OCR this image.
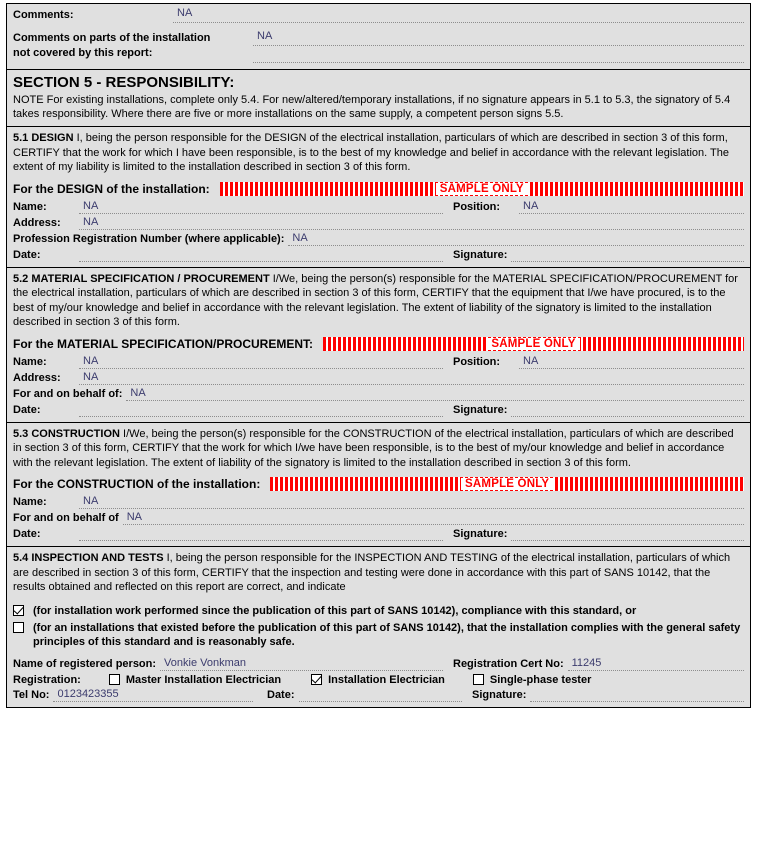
Comments:	NA
Comments on parts of the installation
not covered by this report:
NA
SECTION 5 - RESPONSIBILITY:
NOTE For existing installations, complete only 5.4. For new/altered/temporary installations, if no signature appears in 5.1 to 5.3, the signatory of 5.4 takes responsibility. Where there are five or more installations on the same supply, a competent person signs 5.5.
5.1 DESIGN I, being the person responsible for the DESIGN of the electrical installation, particulars of which are described in section 3 of this form, CERTIFY that the work for which I have been responsible, is to the best of my knowledge and belief in accordance with the relevant legislation. The extent of my liability is limited to the installation described in section 3 of this form.
For the DESIGN of the installation:	SAMPLE ONLY
Name:	NA	Position:	NA
Address:	NA
Profession Registration Number (where applicable): NA
Date:	Signature:
5.2 MATERIAL SPECIFICATION / PROCUREMENT I/We, being the person(s) responsible for the MATERIAL SPECIFICATION/PROCUREMENT for the electrical installation, particulars of which are described in section 3 of this form, CERTIFY that the equipment that I/we have procured, is to the best of my/our knowledge and belief in accordance with the relevant legislation. The extent of liability of the signatory is limited to the installation described in section 3 of this form.
For the MATERIAL SPECIFICATION/PROCUREMENT:	SAMPLE ONLY
Name:	NA	Position:	NA
Address:	NA
For and on behalf of: NA
Date:	Signature:
5.3 CONSTRUCTION I/We, being the person(s) responsible for the CONSTRUCTION of the electrical installation, particulars of which are described in section 3 of this form, CERTIFY that the work for which I/we have been responsible, is to the best of my/our knowledge and belief in accordance with the relevant legislation. The extent of liability of the signatory is limited to the installation described in section 3 of this form.
For the CONSTRUCTION of the installation:	SAMPLE ONLY
Name:	NA
For and on behalf of NA
Date:	Signature:
5.4 INSPECTION AND TESTS I, being the person responsible for the INSPECTION AND TESTING of the electrical installation, particulars of which are described in section 3 of this form, CERTIFY that the inspection and testing were done in accordance with this part of SANS 10142, that the results obtained and reflected on this report are correct, and indicate
(for installation work performed since the publication of this part of SANS 10142), compliance with this standard, or
(for an installations that existed before the publication of this part of SANS 10142), that the installation complies with the general safety principles of this standard and is reasonably safe.
Name of registered person: Vonkie Vonkman	Registration Cert No: 11245
Registration:	Master Installation Electrician	Installation Electrician	Single-phase tester
Tel No: 0123423355	Date:	Signature:
